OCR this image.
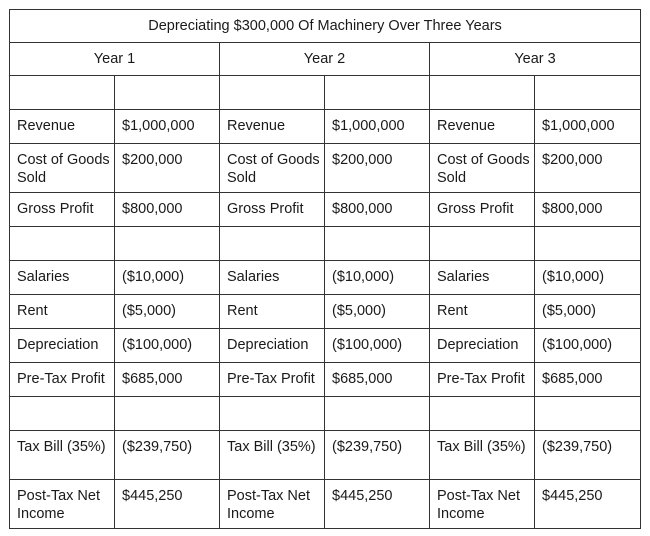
Depreciating $300,000 Of Machinery Over Three Years					
Year 1		Year 2		Year 3	

Revenue	$1,000,000	Revenue	$1,000,000	Revenue	$1,000,000
Cost of Goods Sold	$200,000	Cost of Goods Sold	$200,000	Cost of Goods Sold	$200,000
Gross Profit	$800,000	Gross Profit	$800,000	Gross Profit	$800,000

Salaries	($10,000)	Salaries	($10,000)	Salaries	($10,000)
Rent	($5,000)	Rent	($5,000)	Rent	($5,000)
Depreciation	($100,000)	Depreciation	($100,000)	Depreciation	($100,000)
Pre-Tax Profit	$685,000	Pre-Tax Profit	$685,000	Pre-Tax Profit	$685,000

Tax Bill (35%)	($239,750)	Tax Bill (35%)	($239,750)	Tax Bill (35%)	($239,750)
Post-Tax Net Income	$445,250	Post-Tax Net Income	$445,250	Post-Tax Net Income	$445,250
